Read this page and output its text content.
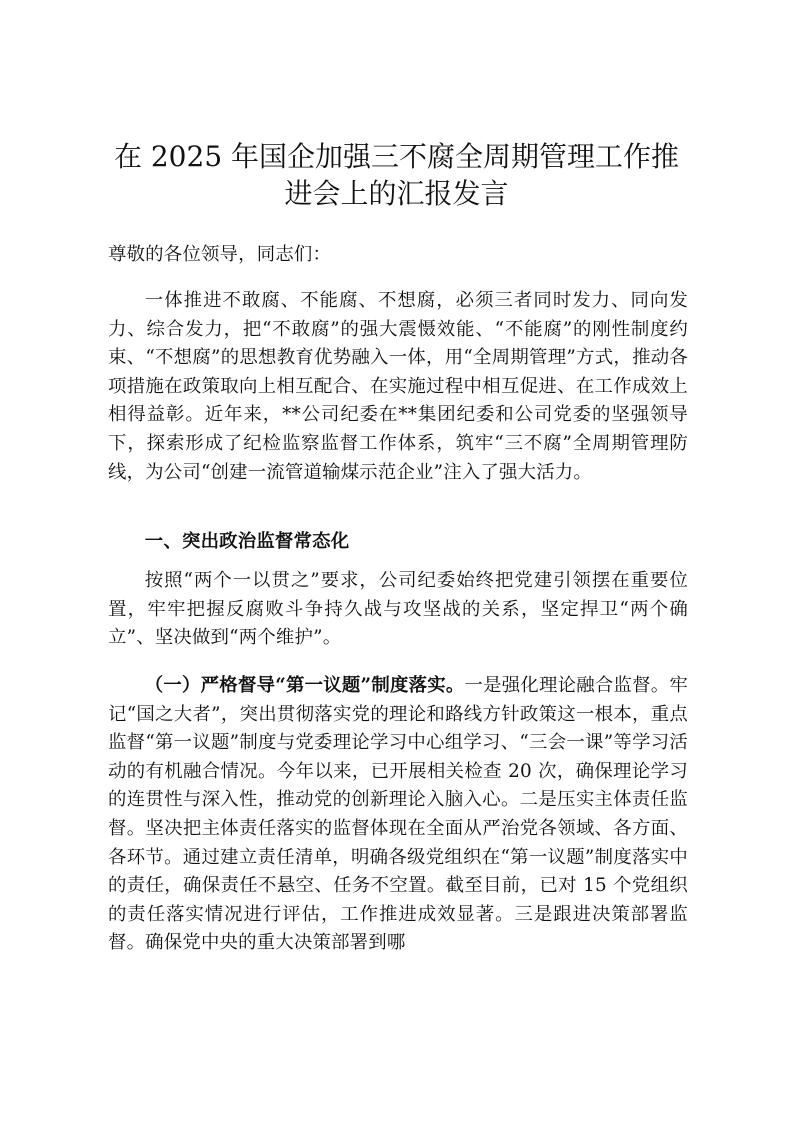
在 2025 年国企加强三不腐全周期管理工作推
进会上的汇报发言

尊敬的各位领导，同志们：

一体推进不敢腐、不能腐、不想腐，必须三者同时发力、同向发力、综合发力，把“不敢腐”的强大震慑效能、“不能腐”的刚性制度约束、“不想腐”的思想教育优势融入一体，用“全周期管理”方式，推动各项措施在政策取向上相互配合、在实施过程中相互促进、在工作成效上相得益彰。近年来，**公司纪委在**集团纪委和公司党委的坚强领导下，探索形成了纪检监察监督工作体系，筑牢“三不腐”全周期管理防线，为公司“创建一流管道输煤示范企业”注入了强大活力。

一、突出政治监督常态化

按照“两个一以贯之”要求，公司纪委始终把党建引领摆在重要位置，牢牢把握反腐败斗争持久战与攻坚战的关系，坚定捍卫“两个确立”、坚决做到“两个维护”。

（一）严格督导“第一议题”制度落实。一是强化理论融合监督。牢记“国之大者”，突出贯彻落实党的理论和路线方针政策这一根本，重点监督“第一议题”制度与党委理论学习中心组学习、“三会一课”等学习活动的有机融合情况。今年以来，已开展相关检查 20 次，确保理论学习的连贯性与深入性，推动党的创新理论入脑入心。二是压实主体责任监督。坚决把主体责任落实的监督体现在全面从严治党各领域、各方面、各环节。通过建立责任清单，明确各级党组织在“第一议题”制度落实中的责任，确保责任不悬空、任务不空置。截至目前，已对 15 个党组织的责任落实情况进行评估，工作推进成效显著。三是跟进决策部署监督。确保党中央的重大决策部署到哪
